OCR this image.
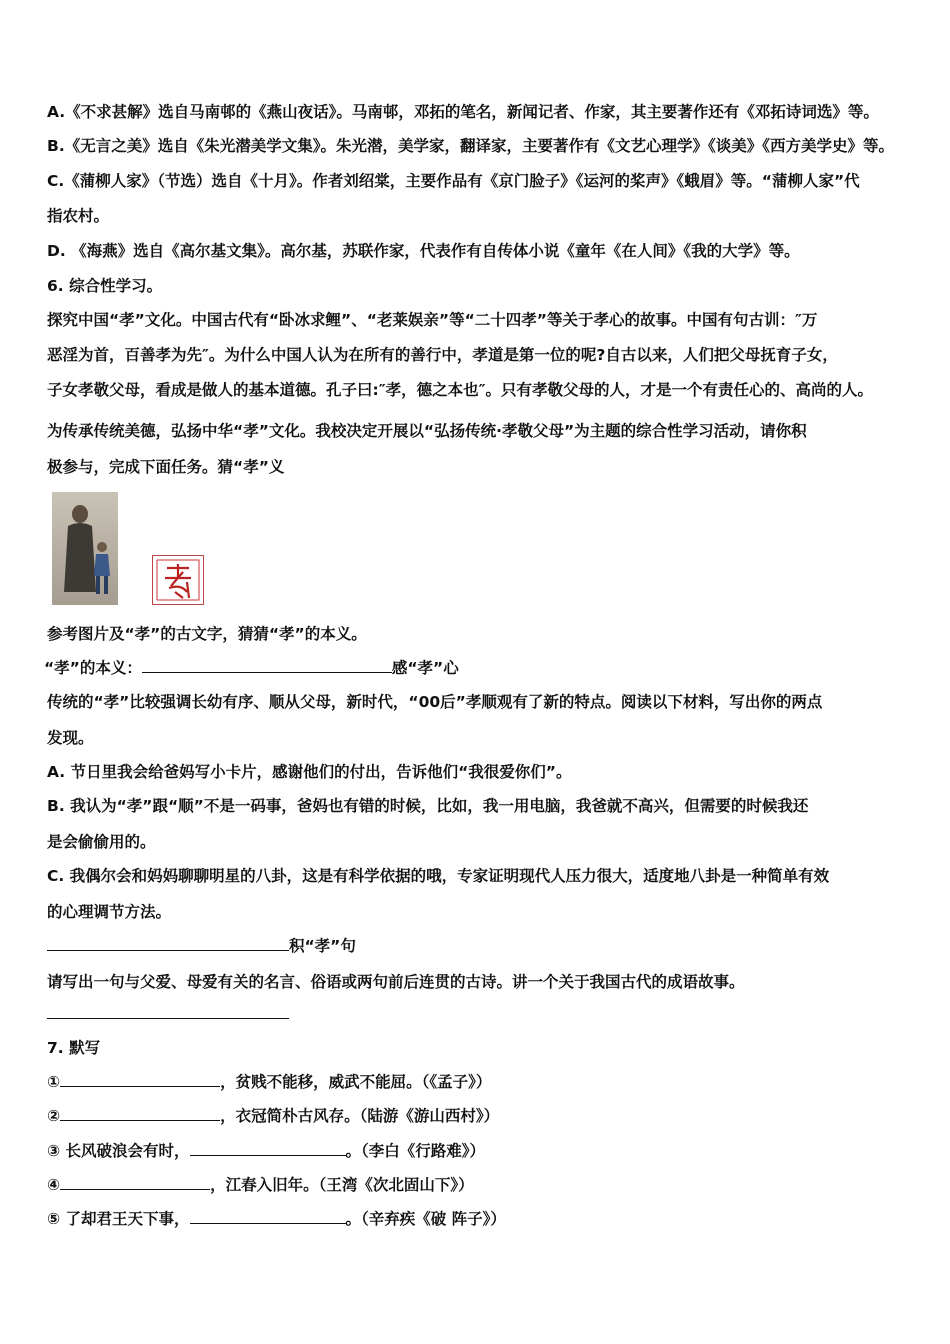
A.《不求甚解》选自马南邨的《燕山夜话》。马南邨，邓拓的笔名，新闻记者、作家，其主要著作还有《邓拓诗词选》等。
B.《无言之美》选自《朱光潜美学文集》。朱光潜，美学家，翻译家，主要著作有《文艺心理学》《谈美》《西方美学史》等。
C.《蒲柳人家》（节选）选自《十月》。作者刘绍棠，主要作品有《京门脸子》《运河的桨声》《蛾眉》等。“蒲柳人家”代
指农村。
D. 《海燕》选自《高尔基文集》。高尔基，苏联作家，代表作有自传体小说《童年《在人间》《我的大学》等。
6. 综合性学习。
探究中国“孝”文化。中国古代有“卧冰求鲤”、“老莱娱亲”等“二十四孝”等关于孝心的故事。中国有句古训：″万
恶淫为首，百善孝为先″。为什么中国人认为在所有的善行中，孝道是第一位的呢?自古以来，人们把父母抚育子女，
子女孝敬父母，看成是做人的基本道德。孔子曰:″孝，德之本也″。只有孝敬父母的人，才是一个有责任心的、高尚的人。
为传承传统美德，弘扬中华“孝”文化。我校决定开展以“弘扬传统·孝敬父母”为主题的综合性学习活动，请你积
极参与，完成下面任务。猜“孝”义
参考图片及“孝”的古文字，猜猜“孝”的本义。
“孝”的本义：	感“孝”心
传统的“孝”比较强调长幼有序、顺从父母，新时代，“00后”孝顺观有了新的特点。阅读以下材料，写出你的两点
发现。
A. 节日里我会给爸妈写小卡片，感谢他们的付出，告诉他们“我很爱你们”。
B. 我认为“孝”跟“顺”不是一码事，爸妈也有错的时候，比如，我一用电脑，我爸就不高兴，但需要的时候我还
是会偷偷用的。
C. 我偶尔会和妈妈聊聊明星的八卦，这是有科学依据的哦，专家证明现代人压力很大，适度地八卦是一种简单有效
的心理调节方法。
积“孝”句
请写出一句与父爱、母爱有关的名言、俗语或两句前后连贯的古诗。讲一个关于我国古代的成语故事。
7. 默写
①	，贫贱不能移，威武不能屈。（《孟子》）
②	，衣冠简朴古风存。（陆游《游山西村》）
③ 长风破浪会有时，	。（李白《行路难》）
④	，江春入旧年。（王湾《次北固山下》）
⑤ 了却君王天下事，	。（辛弃疾《破 阵子》）
